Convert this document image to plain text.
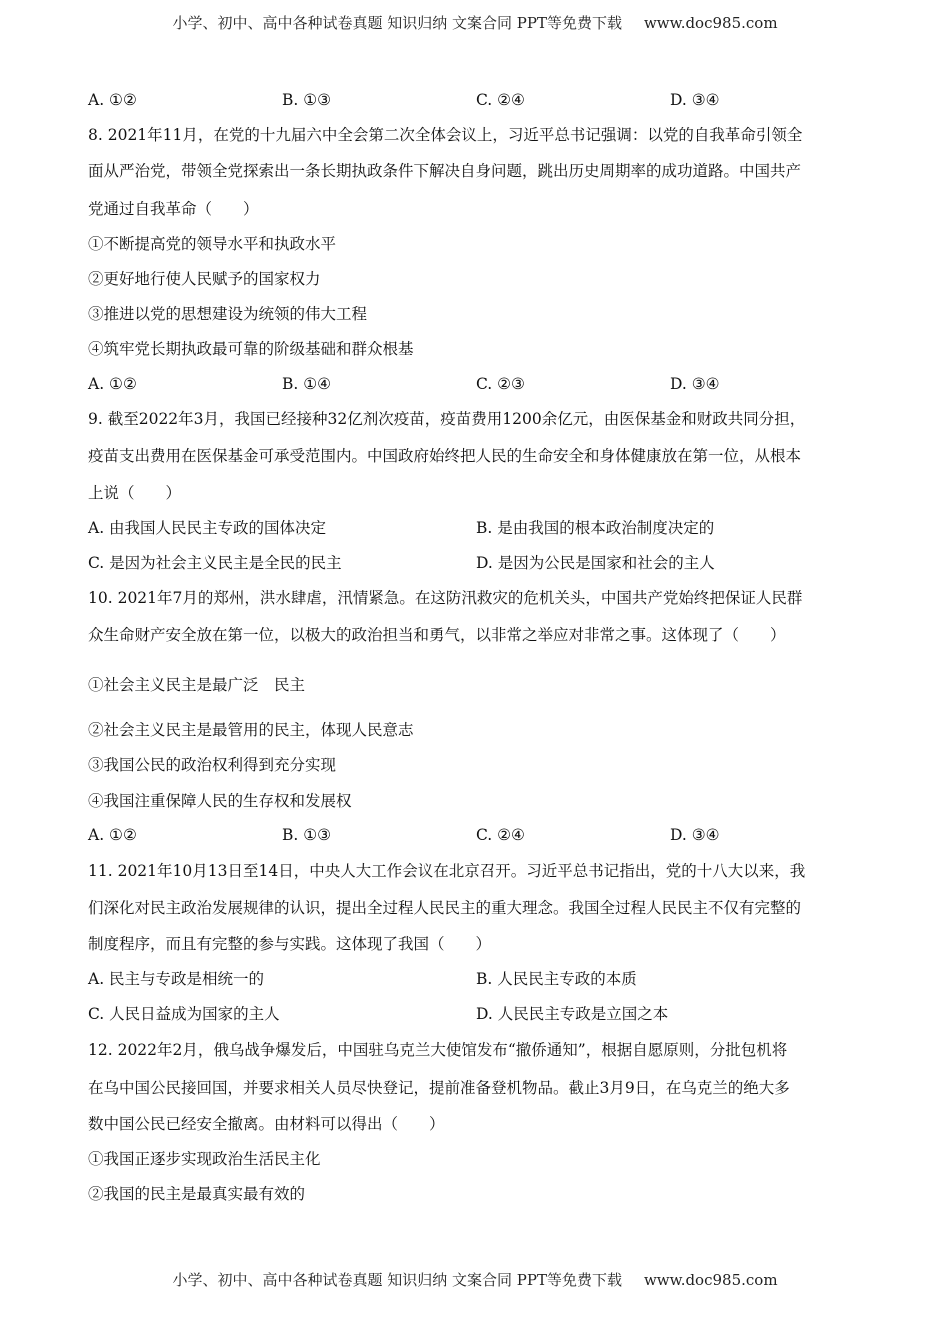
小学、初中、高中各种试卷真题 知识归纳 文案合同 PPT等免费下载 www.doc985.com
A. ①②	B. ①③	C. ②④	D. ③④
8. 2021年11月，在党的十九届六中全会第二次全体会议上，习近平总书记强调：以党的自我革命引领全
面从严治党，带领全党探索出一条长期执政条件下解决自身问题，跳出历史周期率的成功道路。中国共产
党通过自我革命（　　）
①不断提高党的领导水平和执政水平
②更好地行使人民赋予的国家权力
③推进以党的思想建设为统领的伟大工程
④筑牢党长期执政最可靠的阶级基础和群众根基
A. ①②	B. ①④	C. ②③	D. ③④
9. 截至2022年3月，我国已经接种32亿剂次疫苗，疫苗费用1200余亿元，由医保基金和财政共同分担，
疫苗支出费用在医保基金可承受范围内。中国政府始终把人民的生命安全和身体健康放在第一位，从根本
上说（　　）
A. 由我国人民民主专政的国体决定	B. 是由我国的根本政治制度决定的
C. 是因为社会主义民主是全民的民主	D. 是因为公民是国家和社会的主人
10. 2021年7月的郑州，洪水肆虐，汛情紧急。在这防汛救灾的危机关头，中国共产党始终把保证人民群
众生命财产安全放在第一位，以极大的政治担当和勇气，以非常之举应对非常之事。这体现了（　　）
①社会主义民主是最广泛　民主
②社会主义民主是最管用的民主，体现人民意志
③我国公民的政治权利得到充分实现
④我国注重保障人民的生存权和发展权
A. ①②	B. ①③	C. ②④	D. ③④
11. 2021年10月13日至14日，中央人大工作会议在北京召开。习近平总书记指出，党的十八大以来，我
们深化对民主政治发展规律的认识，提出全过程人民民主的重大理念。我国全过程人民民主不仅有完整的
制度程序，而且有完整的参与实践。这体现了我国（　　）
A. 民主与专政是相统一的	B. 人民民主专政的本质
C. 人民日益成为国家的主人	D. 人民民主专政是立国之本
12. 2022年2月，俄乌战争爆发后，中国驻乌克兰大使馆发布“撤侨通知”，根据自愿原则，分批包机将
在乌中国公民接回国，并要求相关人员尽快登记，提前准备登机物品。截止3月9日，在乌克兰的绝大多
数中国公民已经安全撤离。由材料可以得出（　　）
①我国正逐步实现政治生活民主化
②我国的民主是最真实最有效的
小学、初中、高中各种试卷真题 知识归纳 文案合同 PPT等免费下载 www.doc985.com
